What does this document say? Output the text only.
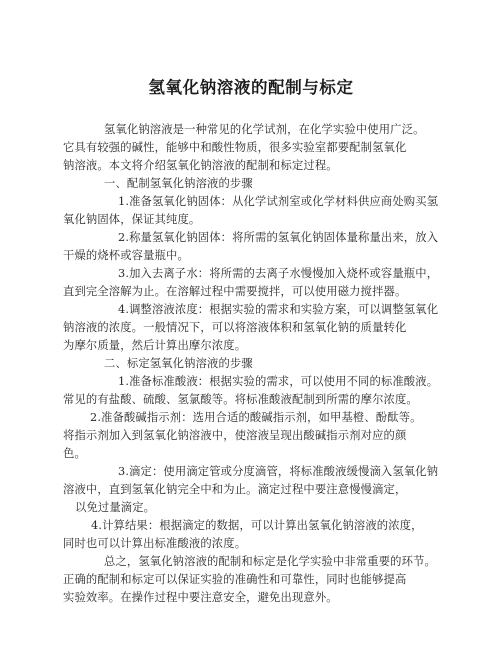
氢氧化钠溶液的配制与标定
氢氧化钠溶液是一种常见的化学试剂，在化学实验中使用广泛。
它具有较强的碱性，能够中和酸性物质，很多实验室都要配制氢氧化
钠溶液。本文将介绍氢氧化钠溶液的配制和标定过程。
一、配制氢氧化钠溶液的步骤
1.准备氢氧化钠固体：从化学试剂室或化学材料供应商处购买氢
氧化钠固体，保证其纯度。
2.称量氢氧化钠固体：将所需的氢氧化钠固体量称量出来，放入
干燥的烧杯或容量瓶中。
3.加入去离子水：将所需的去离子水慢慢加入烧杯或容量瓶中，
直到完全溶解为止。在溶解过程中需要搅拌，可以使用磁力搅拌器。
4.调整溶液浓度：根据实验的需求和实验方案，可以调整氢氧化
钠溶液的浓度。一般情况下，可以将溶液体积和氢氧化钠的质量转化
为摩尔质量，然后计算出摩尔浓度。
二、标定氢氧化钠溶液的步骤
1.准备标准酸液：根据实验的需求，可以使用不同的标准酸液。
常见的有盐酸、硫酸、氢氯酸等。将标准酸液配制到所需的摩尔浓度。
2.准备酸碱指示剂：选用合适的酸碱指示剂，如甲基橙、酚酞等。
将指示剂加入到氢氧化钠溶液中，使溶液呈现出酸碱指示剂对应的颜
色。
3.滴定：使用滴定管或分度滴管，将标准酸液缓慢滴入氢氧化钠
溶液中，直到氢氧化钠完全中和为止。滴定过程中要注意慢慢滴定，
以免过量滴定。
4.计算结果：根据滴定的数据，可以计算出氢氧化钠溶液的浓度，
同时也可以计算出标准酸液的浓度。
总之，氢氧化钠溶液的配制和标定是化学实验中非常重要的环节。
正确的配制和标定可以保证实验的准确性和可靠性，同时也能够提高
实验效率。在操作过程中要注意安全，避免出现意外。
